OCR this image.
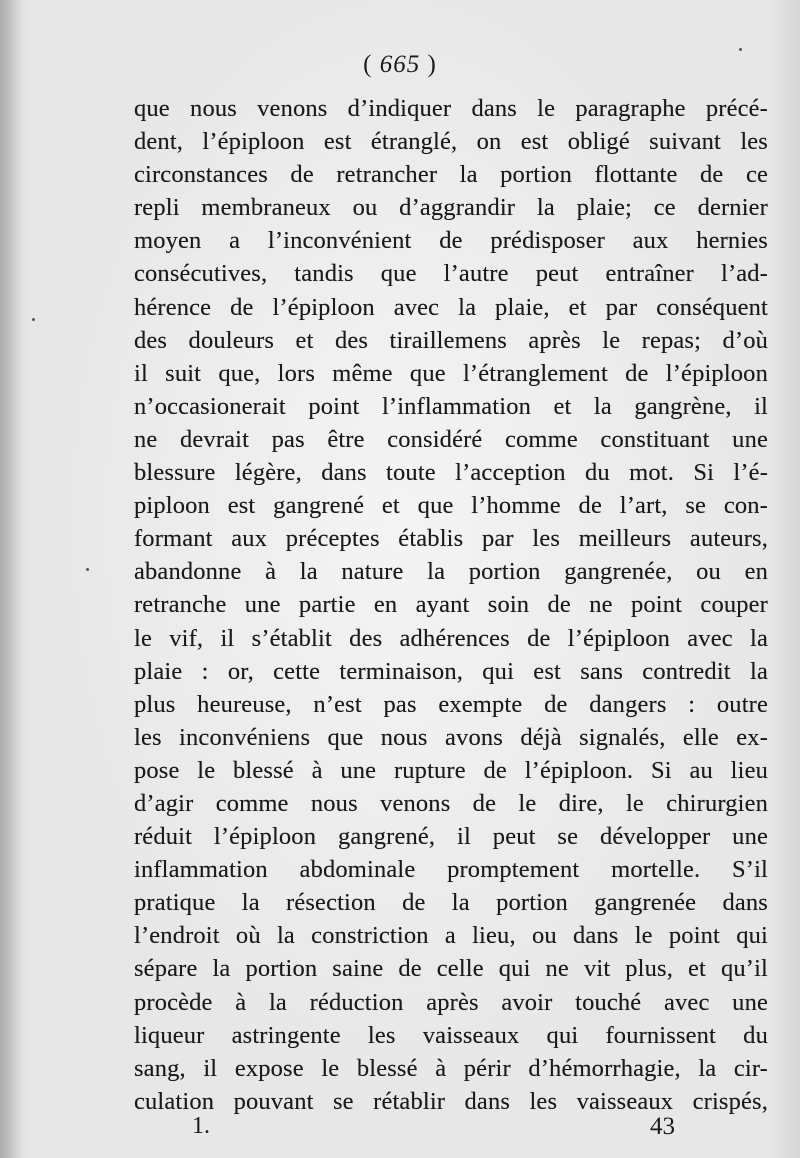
( 665 )
que nous venons d’indiquer dans le paragraphe précé-
dent, l’épiploon est étranglé, on est obligé suivant les
circonstances de retrancher la portion flottante de ce
repli membraneux ou d’aggrandir la plaie; ce dernier
moyen a l’inconvénient de prédisposer aux hernies
consécutives, tandis que l’autre peut entraîner l’ad-
hérence de l’épiploon avec la plaie, et par conséquent
des douleurs et des tiraillemens après le repas; d’où
il suit que, lors même que l’étranglement de l’épiploon
n’occasionerait point l’inflammation et la gangrène, il
ne devrait pas être considéré comme constituant une
blessure légère, dans toute l’acception du mot. Si l’é-
piploon est gangrené et que l’homme de l’art, se con-
formant aux préceptes établis par les meilleurs auteurs,
abandonne à la nature la portion gangrenée, ou en
retranche une partie en ayant soin de ne point couper
le vif, il s’établit des adhérences de l’épiploon avec la
plaie : or, cette terminaison, qui est sans contredit la
plus heureuse, n’est pas exempte de dangers : outre
les inconvéniens que nous avons déjà signalés, elle ex-
pose le blessé à une rupture de l’épiploon. Si au lieu
d’agir comme nous venons de le dire, le chirurgien
réduit l’épiploon gangrené, il peut se développer une
inflammation abdominale promptement mortelle. S’il
pratique la résection de la portion gangrenée dans
l’endroit où la constriction a lieu, ou dans le point qui
sépare la portion saine de celle qui ne vit plus, et qu’il
procède à la réduction après avoir touché avec une
liqueur astringente les vaisseaux qui fournissent du
sang, il expose le blessé à périr d’hémorrhagie, la cir-
culation pouvant se rétablir dans les vaisseaux crispés,
1.	43
